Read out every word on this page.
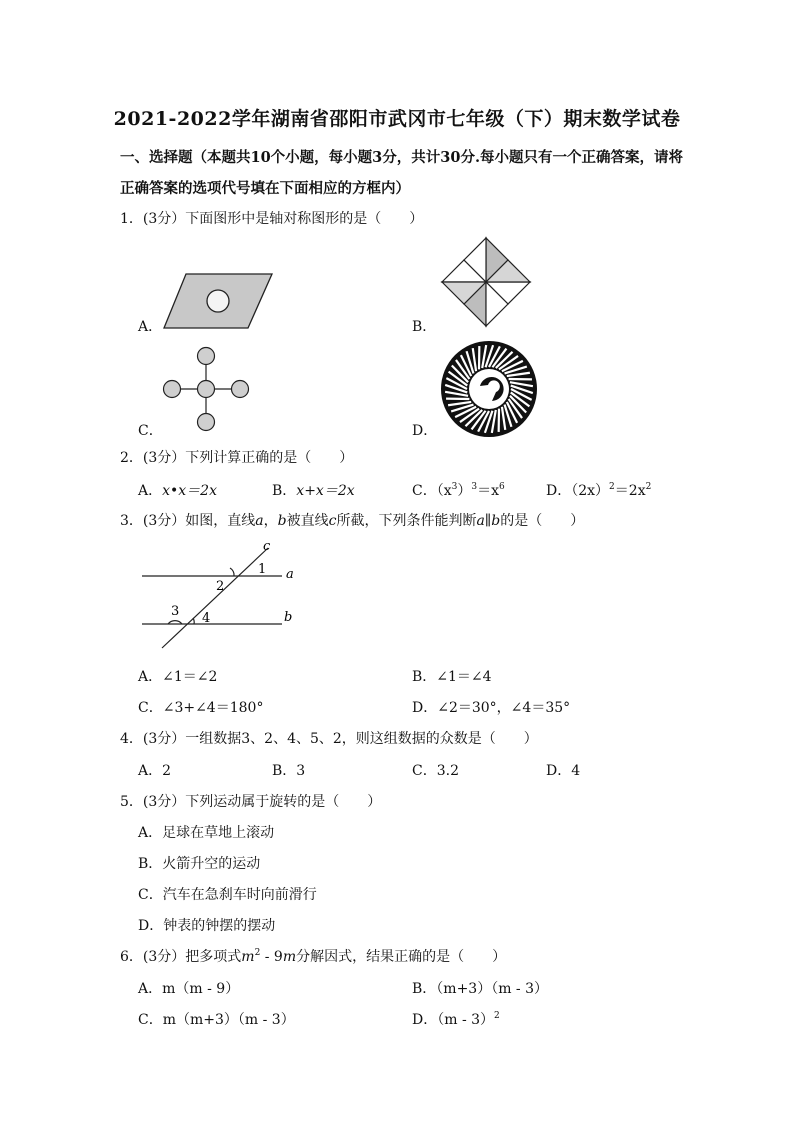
2021-2022学年湖南省邵阳市武冈市七年级（下）期末数学试卷
一、选择题（本题共10个小题，每小题3分，共计30分.每小题只有一个正确答案，请将
正确答案的选项代号填在下面相应的方框内）
1．(3分）下面图形中是轴对称图形的是（　　）
A．	B．
C．	D．
2．(3分）下列计算正确的是（　　）
A．x•x＝2x	B．x+x＝2x	C．$(x^3)^3=x^6$	D．$(2x)^2=2x^2$
3．(3分）如图，直线a，b被直线c所截，下列条件能判断a∥b的是（　　）
c
a
b
1
2
3 4
A．∠1＝∠2	B．∠1＝∠4
C．∠3+∠4＝180°	D．∠2＝30°，∠4＝35°
4．(3分）一组数据3、2、4、5、2，则这组数据的众数是（　　）
A．2	B．3	C．3.2	D．4
5．(3分）下列运动属于旋转的是（　　）
A．足球在草地上滚动
B．火箭升空的运动
C．汽车在急刹车时向前滑行
D．钟表的钟摆的摆动
6．(3分）把多项式$m^2 - 9m$分解因式，结果正确的是（　　）
A．m（m - 9）	B．（m+3）（m - 3）
C．m（m+3）（m - 3）	D．（m - 3）$^2$
